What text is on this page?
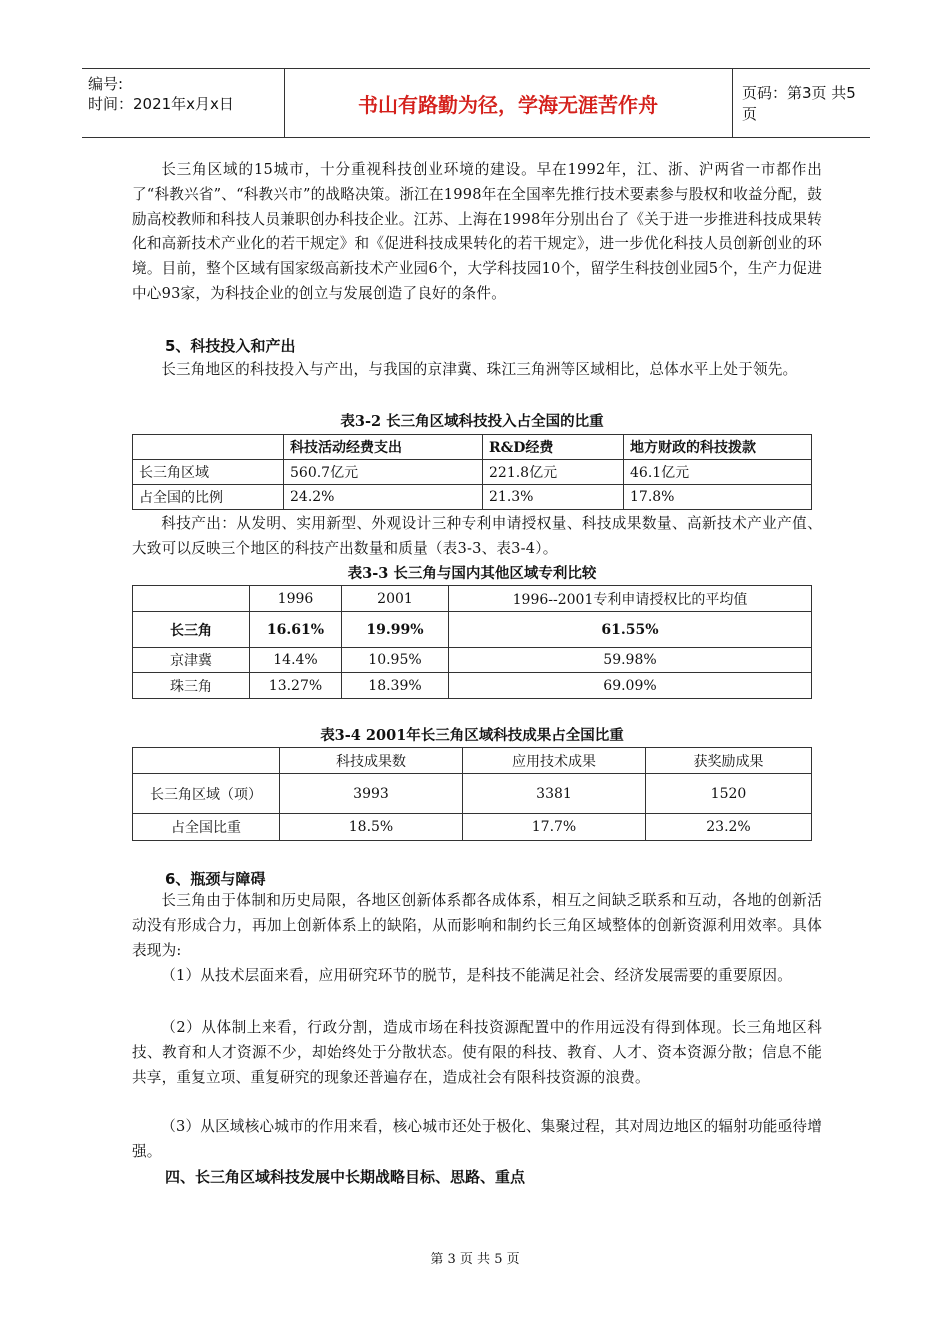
编号:
时间：2021年x月x日	书山有路勤为径，学海无涯苦作舟	页码：第3页 共5页

长三角区域的15城市，十分重视科技创业环境的建设。早在1992年，江、浙、沪两省一市都作出了“科教兴省”、“科教兴市”的战略决策。浙江在1998年在全国率先推行技术要素参与股权和收益分配，鼓励高校教师和科技人员兼职创办科技企业。江苏、上海在1998年分别出台了《关于进一步推进科技成果转化和高新技术产业化的若干规定》和《促进科技成果转化的若干规定》，进一步优化科技人员创新创业的环境。目前，整个区域有国家级高新技术产业园6个，大学科技园10个，留学生科技创业园5个，生产力促进中心93家，为科技企业的创立与发展创造了良好的条件。

5、科技投入和产出

长三角地区的科技投入与产出，与我国的京津冀、珠江三角洲等区域相比，总体水平上处于领先。

表3-2 长三角区域科技投入占全国的比重
	科技活动经费支出	R&D经费	地方财政的科技拨款
长三角区域	560.7亿元	221.8亿元	46.1亿元
占全国的比例	24.2%	21.3%	17.8%

科技产出：从发明、实用新型、外观设计三种专利申请授权量、科技成果数量、高新技术产业产值、大致可以反映三个地区的科技产出数量和质量（表3-3、表3-4）。

表3-3 长三角与国内其他区域专利比较
	1996	2001	1996--2001专利申请授权比的平均值
长三角	16.61%	19.99%	61.55%
京津冀	14.4%	10.95%	59.98%
珠三角	13.27%	18.39%	69.09%
表3-4 2001年长三角区域科技成果占全国比重
	科技成果数	应用技术成果	获奖励成果
长三角区域（项）	3993	3381	1520
占全国比重	18.5%	17.7%	23.2%
6、瓶颈与障碍

长三角由于体制和历史局限，各地区创新体系都各成体系，相互之间缺乏联系和互动，各地的创新活动没有形成合力，再加上创新体系上的缺陷，从而影响和制约长三角区域整体的创新资源利用效率。具体表现为:

（1）从技术层面来看，应用研究环节的脱节，是科技不能满足社会、经济发展需要的重要原因。

（2）从体制上来看，行政分割，造成市场在科技资源配置中的作用远没有得到体现。长三角地区科技、教育和人才资源不少，却始终处于分散状态。使有限的科技、教育、人才、资本资源分散；信息不能共享，重复立项、重复研究的现象还普遍存在，造成社会有限科技资源的浪费。

（3）从区域核心城市的作用来看，核心城市还处于极化、集聚过程，其对周边地区的辐射功能亟待增强。

四、长三角区域科技发展中长期战略目标、思路、重点
第 3 页 共 5 页
